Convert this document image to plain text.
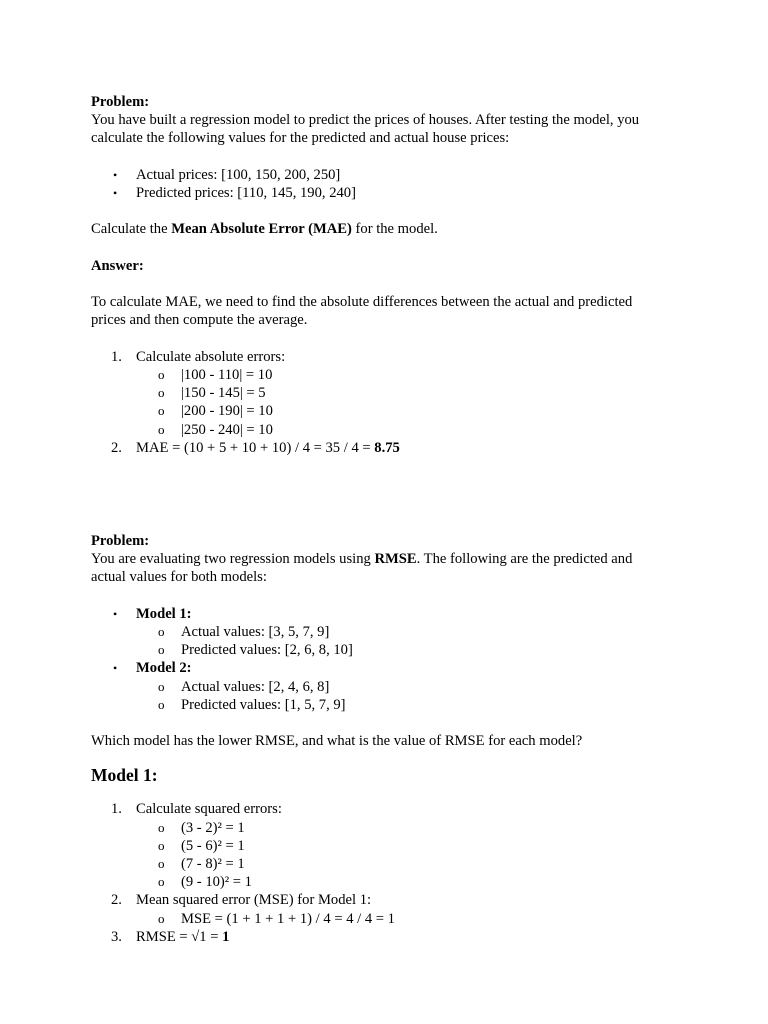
Problem:

You have built a regression model to predict the prices of houses. After testing the model, you

calculate the following values for the predicted and actual house prices:

• Actual prices: [100, 150, 200, 250]
• Predicted prices: [110, 145, 190, 240]

Calculate the Mean Absolute Error (MAE) for the model.

Answer:

To calculate MAE, we need to find the absolute differences between the actual and predicted

prices and then compute the average.

1. Calculate absolute errors:
o |100 - 110| = 10
o |150 - 145| = 5
o |200 - 190| = 10
o |250 - 240| = 10
2. MAE = (10 + 5 + 10 + 10) / 4 = 35 / 4 = 8.75

Problem:

You are evaluating two regression models using RMSE. The following are the predicted and

actual values for both models:

• Model 1:
o Actual values: [3, 5, 7, 9]
o Predicted values: [2, 6, 8, 10]
• Model 2:
o Actual values: [2, 4, 6, 8]
o Predicted values: [1, 5, 7, 9]

Which model has the lower RMSE, and what is the value of RMSE for each model?

Model 1:

1. Calculate squared errors:
o (3 - 2)² = 1
o (5 - 6)² = 1
o (7 - 8)² = 1
o (9 - 10)² = 1
2. Mean squared error (MSE) for Model 1:
o MSE = (1 + 1 + 1 + 1) / 4 = 4 / 4 = 1
3. RMSE = √1 = 1
